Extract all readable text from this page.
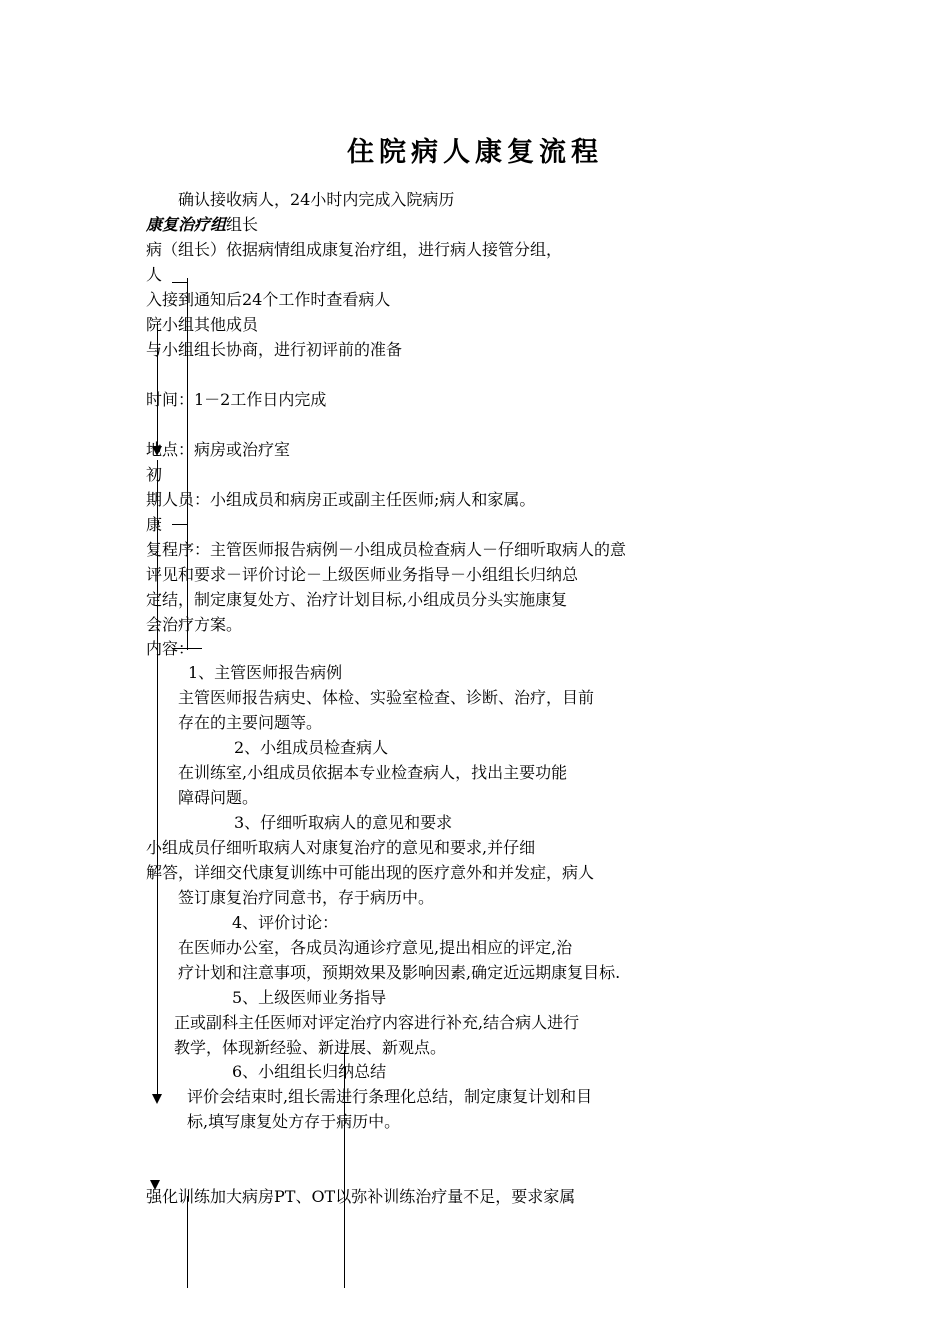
住院病人康复流程
确认接收病人，24小时内完成入院病历
康复治疗组组长
病（组长）依据病情组成康复治疗组，进行病人接管分组，
人
入接到通知后24个工作时查看病人
院小组其他成员
与小组组长协商，进行初评前的准备
时间：1－2工作日内完成
地点：病房或治疗室
初
期人员：小组成员和病房正或副主任医师;病人和家属。
康
复程序：主管医师报告病例－小组成员检查病人－仔细听取病人的意
评见和要求－评价讨论－上级医师业务指导－小组组长归纳总
定结，制定康复处方、治疗计划目标,小组成员分头实施康复
会治疗方案。
内容：
1、主管医师报告病例
主管医师报告病史、体检、实验室检查、诊断、治疗，目前
存在的主要问题等。
2、小组成员检查病人
在训练室,小组成员依据本专业检查病人，找出主要功能
障碍问题。
3、仔细听取病人的意见和要求
小组成员仔细听取病人对康复治疗的意见和要求,并仔细
解答，详细交代康复训练中可能出现的医疗意外和并发症，病人
签订康复治疗同意书，存于病历中。
4、评价讨论：
在医师办公室，各成员沟通诊疗意见,提出相应的评定,治
疗计划和注意事项，预期效果及影响因素,确定近远期康复目标.
5、上级医师业务指导
正或副科主任医师对评定治疗内容进行补充,结合病人进行
教学，体现新经验、新进展、新观点。
6、小组组长归纳总结
评价会结束时,组长需进行条理化总结，制定康复计划和目
标,填写康复处方存于病历中。
强化训练加大病房PT、OT以弥补训练治疗量不足，要求家属
